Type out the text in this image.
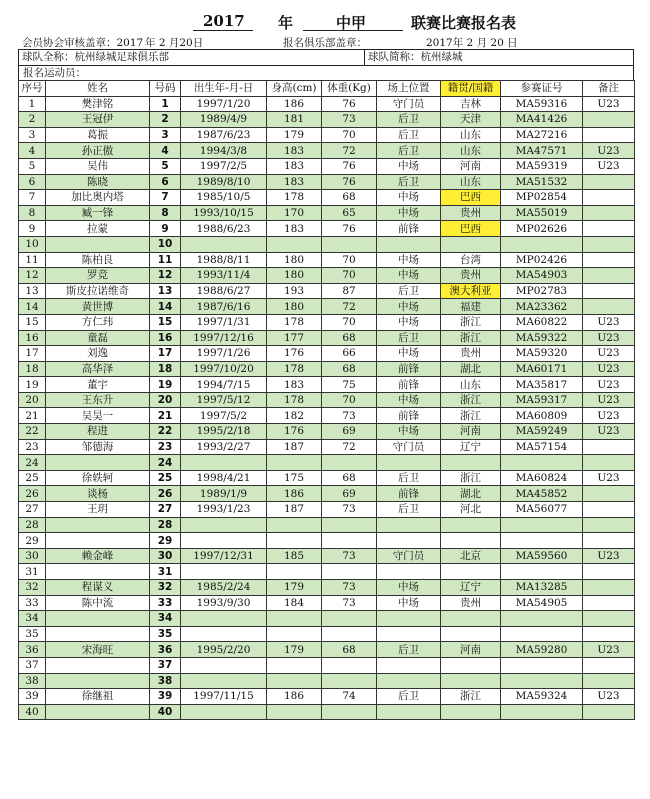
2017 年	中甲	联赛比赛报名表
会员协会审核盖章：2017 年 2 月20日	报名俱乐部盖章：	2017年 2 月 20 日
球队全称：杭州绿城足球俱乐部	球队简称：杭州绿城
报名运动员：
序号	姓名	号码	出生年-月-日	身高(cm)	体重(Kg)	场上位置	籍贯/国籍	参赛证号	备注
1	樊津铭	1	1997/1/20	186	76	守门员	吉林	MA59316	U23
2	王冠伊	2	1989/4/9	181	73	后卫	天津	MA41426	
3	葛振	3	1987/6/23	179	70	后卫	山东	MA27216	
4	孙正傲	4	1994/3/8	183	72	后卫	山东	MA47571	U23
5	吴伟	5	1997/2/5	183	76	中场	河南	MA59319	U23
6	陈晓	6	1989/8/10	183	76	后卫	山东	MA51532	
7	加比奥内塔	7	1985/10/5	178	68	中场	巴西	MP02854	
8	臧一锋	8	1993/10/15	170	65	中场	贵州	MA55019	
9	拉蒙	9	1988/6/23	183	76	前锋	巴西	MP02626	
10		10							
11	陈柏良	11	1988/8/11	180	70	中场	台湾	MP02426	
12	罗竞	12	1993/11/4	180	70	中场	贵州	MA54903	
13	斯皮拉诺维奇	13	1988/6/27	193	87	后卫	澳大利亚	MP02783	
14	黄世博	14	1987/6/16	180	72	中场	福建	MA23362	
15	方仁玮	15	1997/1/31	178	70	中场	浙江	MA60822	U23
16	童磊	16	1997/12/16	177	68	后卫	浙江	MA59322	U23
17	刘逸	17	1997/1/26	176	66	中场	贵州	MA59320	U23
18	高华泽	18	1997/10/20	178	68	前锋	湖北	MA60171	U23
19	董宇	19	1994/7/15	183	75	前锋	山东	MA35817	U23
20	王东升	20	1997/5/12	178	70	中场	浙江	MA59317	U23
21	吴昊一	21	1997/5/2	182	73	前锋	浙江	MA60809	U23
22	程进	22	1995/2/18	176	69	中场	河南	MA59249	U23
23	邹德海	23	1993/2/27	187	72	守门员	辽宁	MA57154	
24		24							
25	徐轶轲	25	1998/4/21	175	68	后卫	浙江	MA60824	U23
26	谈杨	26	1989/1/9	186	69	前锋	湖北	MA45852	
27	王玥	27	1993/1/23	187	73	后卫	河北	MA56077	
28		28							
29		29							
30	赖金峰	30	1997/12/31	185	73	守门员	北京	MA59560	U23
31		31							
32	程谋义	32	1985/2/24	179	73	中场	辽宁	MA13285	
33	陈中流	33	1993/9/30	184	73	中场	贵州	MA54905	
34		34							
35		35							
36	宋海旺	36	1995/2/20	179	68	后卫	河南	MA59280	U23
37		37							
38		38							
39	徐继祖	39	1997/11/15	186	74	后卫	浙江	MA59324	U23
40		40							
